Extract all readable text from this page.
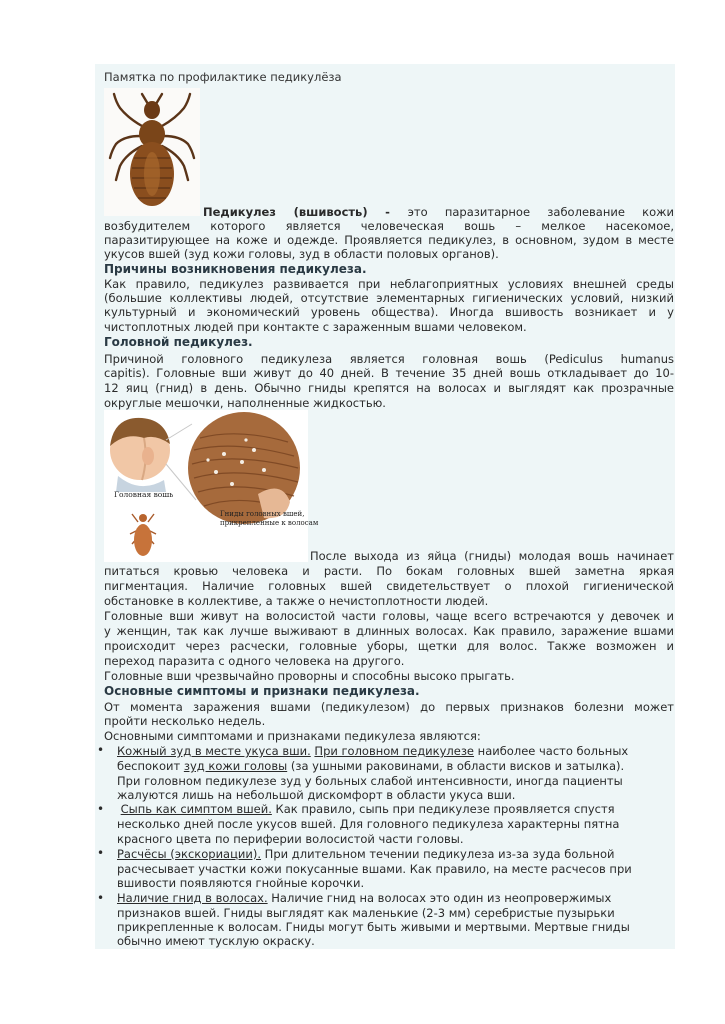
Памятка по профилактике педикулёза
Педикулез (вшивость) - это паразитарное заболевание кожи
возбудителем которого является человеческая вошь – мелкое насекомое,
паразитирующее на коже и одежде. Проявляется педикулез, в основном, зудом в месте
укусов вшей (зуд кожи головы, зуд в области половых органов).
Причины возникновения педикулеза.
Как правило, педикулез развивается при неблагоприятных условиях внешней среды
(большие коллективы людей, отсутствие элементарных гигиенических условий, низкий
культурный и экономический уровень общества). Иногда вшивость возникает и у
чистоплотных людей при контакте с зараженным вшами человеком.
Головной педикулез.
Причиной головного педикулеза является головная вошь (Pediculus humanus
capitis). Головные вши живут до 40 дней. В течение 35 дней вошь откладывает до 10-
12 яиц (гнид) в день. Обычно гниды крепятся на волосах и выглядят как прозрачные
округлые мешочки, наполненные жидкостью.
Головная вошь
Гниды головных вшей,
прикрепленные к волосам
После выхода из яйца (гниды) молодая вошь начинает
питаться кровью человека и расти. По бокам головных вшей заметна яркая
пигментация. Наличие головных вшей свидетельствует о плохой гигиенической
обстановке в коллективе, а также о нечистоплотности людей.
Головные вши живут на волосистой части головы, чаще всего встречаются у девочек и
у женщин, так как лучше выживают в длинных волосах. Как правило, заражение вшами
происходит через расчески, головные уборы, щетки для волос. Также возможен и
переход паразита с одного человека на другого.
Головные вши чрезвычайно проворны и способны высоко прыгать.
Основные симптомы и признаки педикулеза.
От момента заражения вшами (педикулезом) до первых признаков болезни может
пройти несколько недель.
Основными симптомами и признаками педикулеза являются:
• Кожный зуд в месте укуса вши. При головном педикулезе наиболее часто больных
беспокоит зуд кожи головы (за ушными раковинами, в области висков и затылка).
При головном педикулезе зуд у больных слабой интенсивности, иногда пациенты
жалуются лишь на небольшой дискомфорт в области укуса вши.
•	Сыпь как симптом вшей. Как правило, сыпь при педикулезе проявляется спустя
несколько дней после укусов вшей. Для головного педикулеза характерны пятна
красного цвета по периферии волосистой части головы.
• Расчёсы (экскориации). При длительном течении педикулеза из-за зуда больной
расчесывает участки кожи покусанные вшами. Как правило, на месте расчесов при
вшивости появляются гнойные корочки.
• Наличие гнид в волосах. Наличие гнид на волосах это один из неопровержимых
признаков вшей. Гниды выглядят как маленькие (2-3 мм) серебристые пузырьки
прикрепленные к волосам. Гниды могут быть живыми и мертвыми. Мертвые гниды
обычно имеют тусклую окраску.
